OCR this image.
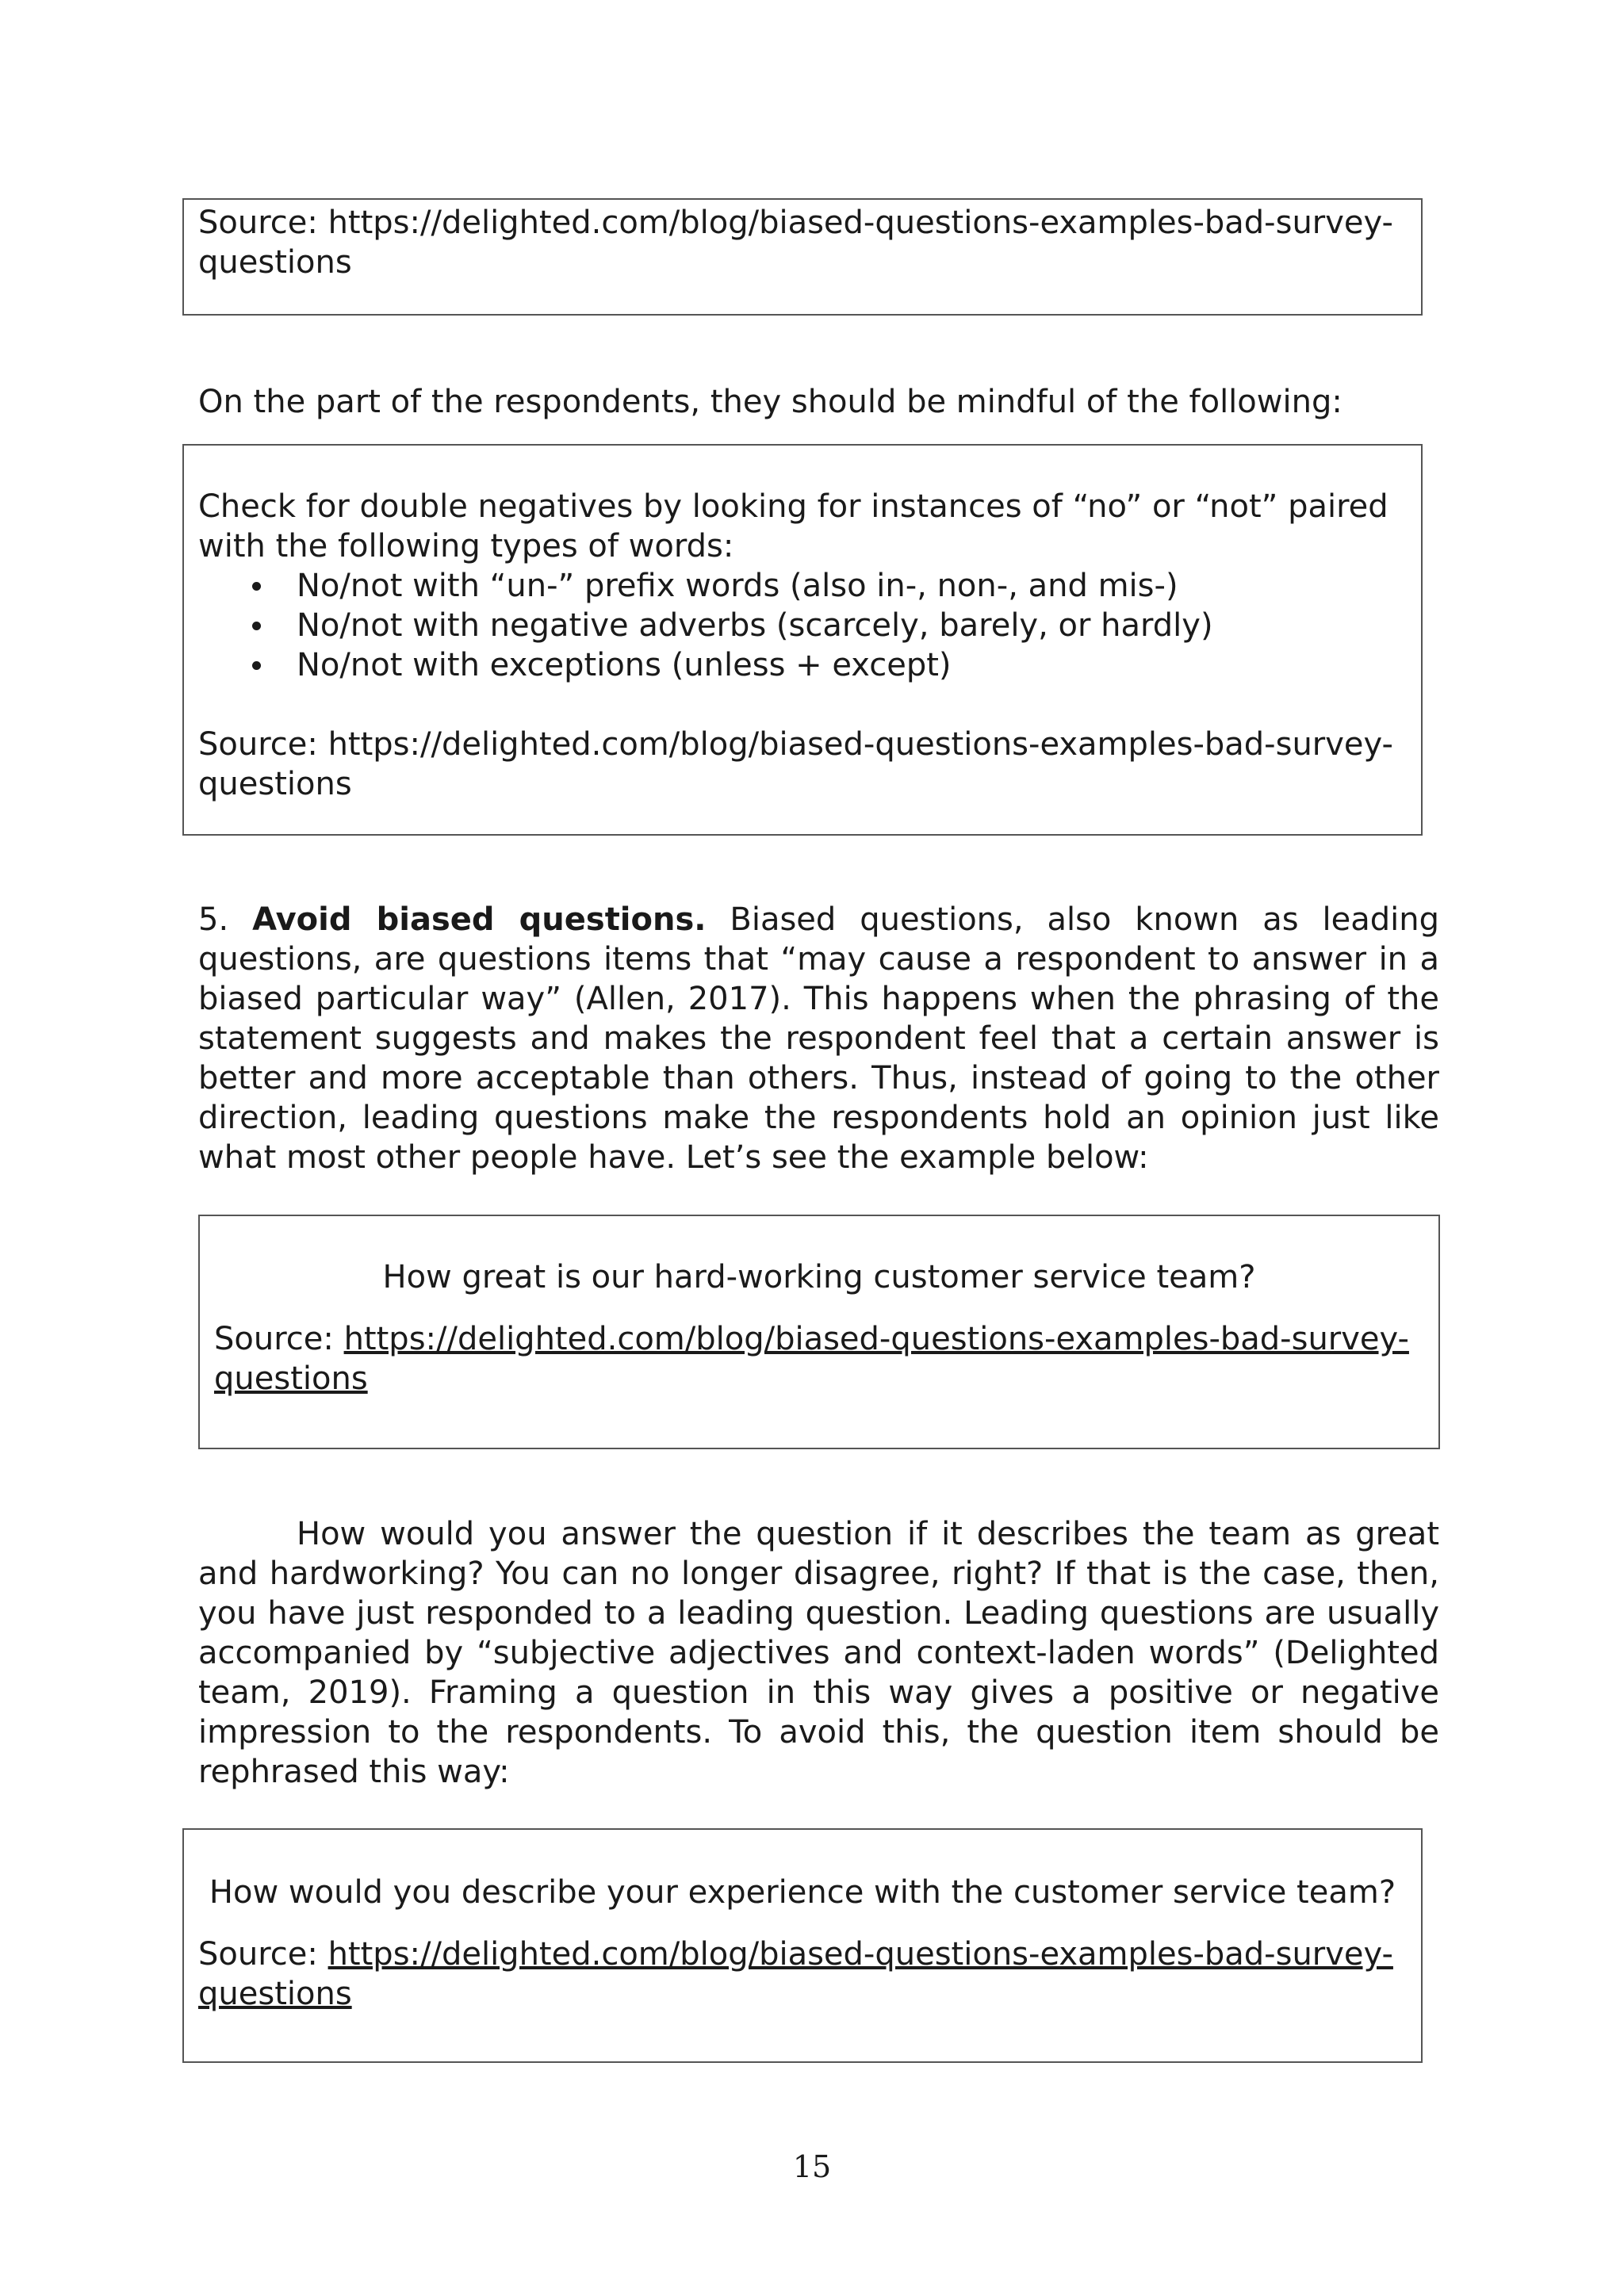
Source: https://delighted.com/blog/biased-questions-examples-bad-survey-

questions

On the part of the respondents, they should be mindful of the following:

Check for double negatives by looking for instances of “no” or “not” paired with the following types of words:

No/not with “un-” prefix words (also in-, non-, and mis-)
No/not with negative adverbs (scarcely, barely, or hardly)
No/not with exceptions (unless + except)

Source: https://delighted.com/blog/biased-questions-examples-bad-survey-

questions

5. Avoid biased questions. Biased questions, also known as leading questions, are questions items that “may cause a respondent to answer in a biased particular way” (Allen, 2017). This happens when the phrasing of the statement suggests and makes the respondent feel that a certain answer is better and more acceptable than others. Thus, instead of going to the other direction, leading questions make the respondents hold an opinion just like what most other people have. Let’s see the example below:

How great is our hard-working customer service team?

Source: https://delighted.com/blog/biased-questions-examples-bad-survey-

questions

How would you answer the question if it describes the team as great and hardworking? You can no longer disagree, right? If that is the case, then, you have just responded to a leading question. Leading questions are usually accompanied by “subjective adjectives and context-laden words” (Delighted team, 2019). Framing a question in this way gives a positive or negative impression to the respondents. To avoid this, the question item should be rephrased this way:

How would you describe your experience with the customer service team?

Source: https://delighted.com/blog/biased-questions-examples-bad-survey-

questions

15
